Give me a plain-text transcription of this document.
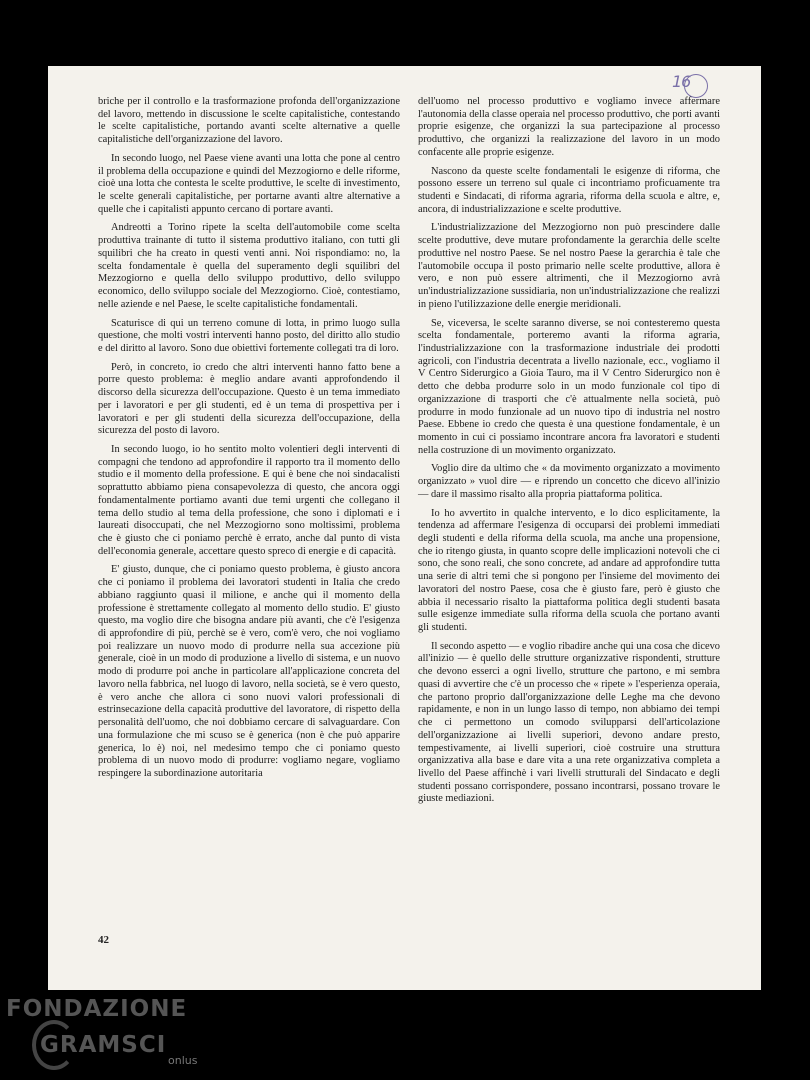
16

briche per il controllo e la trasformazione profonda dell'organizzazione del lavoro, mettendo in discussione le scelte capitalistiche, contestando le scelte capitalistiche, portando avanti scelte alternative a quelle capitalistiche dell'organizzazione del lavoro.

In secondo luogo, nel Paese viene avanti una lotta che pone al centro il problema della occupazione e quindi del Mezzogiorno e delle riforme, cioè una lotta che contesta le scelte produttive, le scelte di investimento, le scelte generali capitalistiche, per portarne avanti altre alternative a quelle che i capitalisti appunto cercano di portare avanti.

Andreotti a Torino ripete la scelta dell'automobile come scelta produttiva trainante di tutto il sistema produttivo italiano, con tutti gli squilibri che ha creato in questi venti anni. Noi rispondiamo: no, la scelta fondamentale è quella del superamento degli squilibri del Mezzogiorno e quella dello sviluppo produttivo, dello sviluppo economico, dello sviluppo sociale del Mezzogiorno. Cioè, contestiamo, nelle aziende e nel Paese, le scelte capitalistiche fondamentali.

Scaturisce di qui un terreno comune di lotta, in primo luogo sulla questione, che molti vostri interventi hanno posto, del diritto allo studio e del diritto al lavoro. Sono due obiettivi fortemente collegati tra di loro.

Però, in concreto, io credo che altri interventi hanno fatto bene a porre questo problema: è meglio andare avanti approfondendo il discorso della sicurezza dell'occupazione. Questo è un tema immediato per i lavoratori e per gli studenti, ed è un tema di prospettiva per i lavoratori e per gli studenti della sicurezza dell'occupazione, della sicurezza del posto di lavoro.

In secondo luogo, io ho sentito molto volentieri degli interventi di compagni che tendono ad approfondire il rapporto tra il momento dello studio e il momento della professione. E qui è bene che noi sindacalisti soprattutto abbiamo piena consapevolezza di questo, che ancora oggi fondamentalmente portiamo avanti due temi urgenti che collegano il tema dello studio al tema della professione, che sono i diplomati e i laureati disoccupati, che nel Mezzogiorno sono moltissimi, problema che è giusto che ci poniamo perchè è errato, anche dal punto di vista dell'economia generale, accettare questo spreco di energie e di capacità.

E' giusto, dunque, che ci poniamo questo problema, è giusto ancora che ci poniamo il problema dei lavoratori studenti in Italia che credo abbiano raggiunto quasi il milione, e anche qui il momento della professione è strettamente collegato al momento dello studio. E' giusto questo, ma voglio dire che bisogna andare più avanti, che c'è l'esigenza di approfondire di più, perchè se è vero, com'è vero, che noi vogliamo poi realizzare un nuovo modo di produrre nella sua accezione più generale, cioè in un modo di produzione a livello di sistema, e un nuovo modo di produrre poi anche in particolare all'applicazione concreta del lavoro nella fabbrica, nel luogo di lavoro, nella società, se è vero questo, è vero anche che allora ci sono nuovi valori professionali di estrinsecazione della capacità produttive del lavoratore, di rispetto della personalità dell'uomo, che noi dobbiamo cercare di salvaguardare. Con una formulazione che mi scuso se è generica (non è che può apparire generica, lo è) noi, nel medesimo tempo che ci poniamo questo problema di un nuovo modo di produrre: vogliamo negare, vogliamo respingere la subordinazione autoritaria

dell'uomo nel processo produttivo e vogliamo invece affermare l'autonomia della classe operaia nel processo produttivo, che porti avanti proprie esigenze, che organizzi la sua partecipazione al processo produttivo, che organizzi la realizzazione del lavoro in un modo confacente alle proprie esigenze.

Nascono da queste scelte fondamentali le esigenze di riforma, che possono essere un terreno sul quale ci incontriamo proficuamente tra studenti e Sindacati, di riforma agraria, riforma della scuola e altre, e, ancora, di industrializzazione e scelte produttive.

L'industrializzazione del Mezzogiorno non può prescindere dalle scelte produttive, deve mutare profondamente la gerarchia delle scelte produttive nel nostro Paese. Se nel nostro Paese la gerarchia è tale che l'automobile occupa il posto primario nelle scelte produttive, allora è vero, e non può essere altrimenti, che il Mezzogiorno avrà un'industrializzazione sussidiaria, non un'industrializzazione che realizzi in pieno l'utilizzazione delle energie meridionali.

Se, viceversa, le scelte saranno diverse, se noi contesteremo questa scelta fondamentale, porteremo avanti la riforma agraria, l'industrializzazione con la trasformazione industriale dei prodotti agricoli, con l'industria decentrata a livello nazionale, ecc., vogliamo il V Centro Siderurgico a Gioia Tauro, ma il V Centro Siderurgico non è detto che debba produrre solo in un modo funzionale col tipo di organizzazione di trasporti che c'è attualmente nella società, può produrre in modo funzionale ad un nuovo tipo di industria nel nostro Paese. Ebbene io credo che questa è una questione fondamentale, è un momento in cui ci possiamo incontrare ancora fra lavoratori e studenti nella costruzione di un movimento organizzato.

Voglio dire da ultimo che « da movimento organizzato a movimento organizzato » vuol dire — e riprendo un concetto che dicevo all'inizio — dare il massimo risalto alla propria piattaforma politica.

Io ho avvertito in qualche intervento, e lo dico esplicitamente, la tendenza ad affermare l'esigenza di occuparsi dei problemi immediati degli studenti e della riforma della scuola, ma anche una propensione, che io ritengo giusta, in quanto scopre delle implicazioni notevoli che ci sono, che sono reali, che sono concrete, ad andare ad approfondire tutta una serie di altri temi che si pongono per l'insieme del movimento dei lavoratori del nostro Paese, cosa che è giusto fare, però è giusto che abbia il necessario risalto la piattaforma politica degli studenti basata sulle esigenze immediate sulla riforma della scuola che portano avanti gli studenti.

Il secondo aspetto — e voglio ribadire anche qui una cosa che dicevo all'inizio — è quello delle strutture organizzative rispondenti, strutture che devono esserci a ogni livello, strutture che partono, e mi sembra quasi di avvertire che c'è un processo che « ripete » l'esperienza operaia, che partono proprio dall'organizzazione delle Leghe ma che devono rapidamente, e non in un lungo lasso di tempo, non abbiamo dei tempi che ci permettono un comodo svilupparsi dell'articolazione dell'organizzazione ai livelli superiori, devono andare presto, tempestivamente, ai livelli superiori, cioè costruire una struttura organizzativa alla base e dare vita a una rete organizzativa completa a livello del Paese affinchè i vari livelli strutturali del Sindacato e degli studenti possano corrispondere, possano incontrarsi, possano trovare le giuste mediazioni.

42
FONDAZIONE
GRAMSCI
onlus
